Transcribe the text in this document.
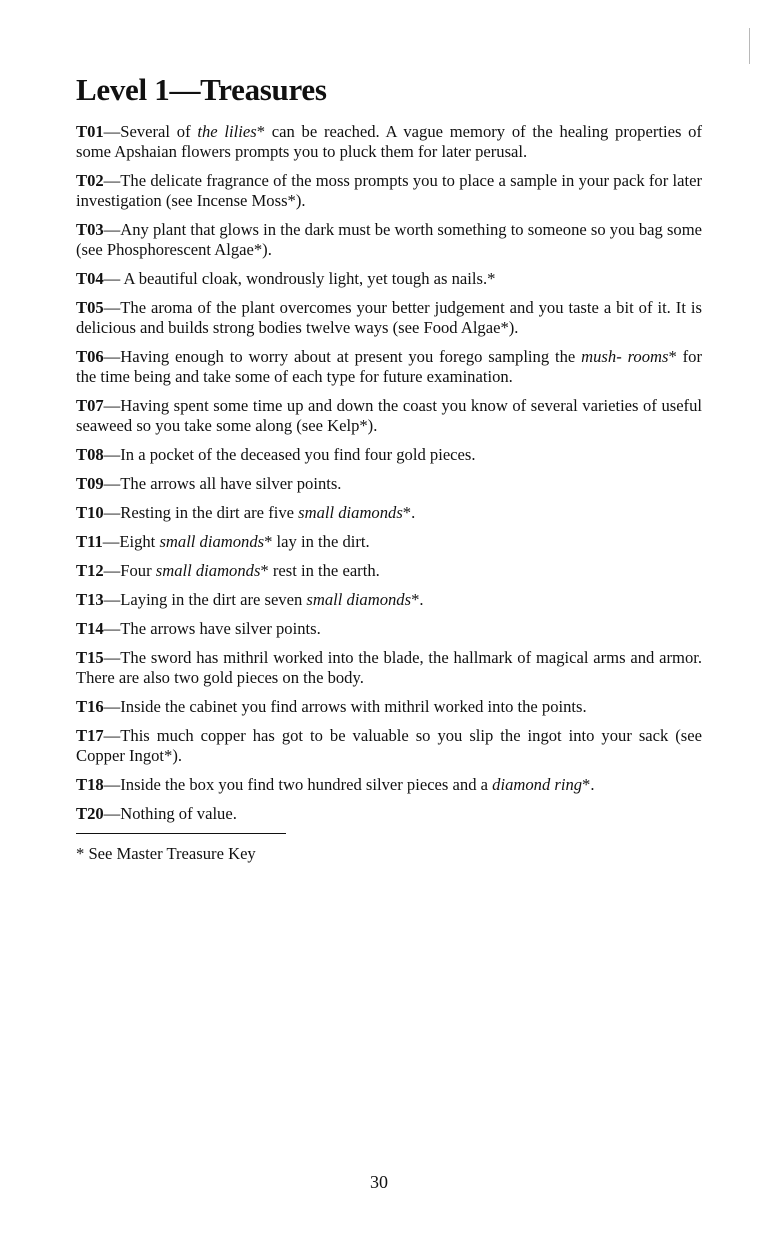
Level 1—Treasures

T01—Several of the lilies* can be reached. A vague memory of the healing properties of some Apshaian flowers prompts you to pluck them for later perusal.

T02—The delicate fragrance of the moss prompts you to place a sample in your pack for later investigation (see Incense Moss*).

T03—Any plant that glows in the dark must be worth something to someone so you bag some (see Phosphorescent Algae*).

T04— A beautiful cloak, wondrously light, yet tough as nails.*

T05—The aroma of the plant overcomes your better judgement and you taste a bit of it. It is delicious and builds strong bodies twelve ways (see Food Algae*).

T06—Having enough to worry about at present you forego sampling the mush- rooms* for the time being and take some of each type for future examination.

T07—Having spent some time up and down the coast you know of several varieties of useful seaweed so you take some along (see Kelp*).

T08—In a pocket of the deceased you find four gold pieces.

T09—The arrows all have silver points.

T10—Resting in the dirt are five small diamonds*.

T11—Eight small diamonds* lay in the dirt.

T12—Four small diamonds* rest in the earth.

T13—Laying in the dirt are seven small diamonds*.

T14—The arrows have silver points.

T15—The sword has mithril worked into the blade, the hallmark of magical arms and armor. There are also two gold pieces on the body.

T16—Inside the cabinet you find arrows with mithril worked into the points.

T17—This much copper has got to be valuable so you slip the ingot into your sack (see Copper Ingot*).

T18—Inside the box you find two hundred silver pieces and a diamond ring*.

T20—Nothing of value.

* See Master Treasure Key
30
